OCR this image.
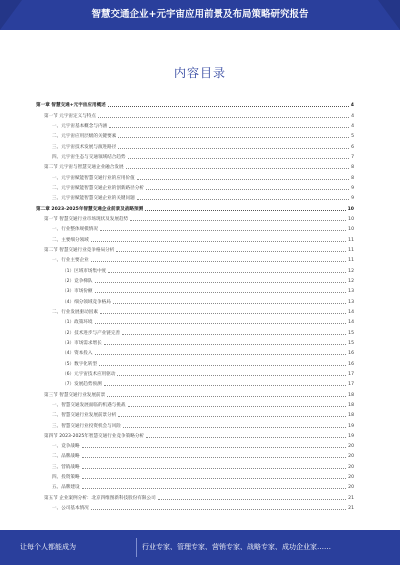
智慧交通企业+元宇宙应用前景及布局策略研究报告
内容目录
第一章 智慧交通+元宇宙应用概述	4
第一节 元宇宙定义与特点	4
一、元宇宙基本概念与内涵	4
二、元宇宙应用层级的关键要素	5
三、元宇宙技术发展与演进路径	6
四、元宇宙生态与交通领域结合趋势	7
第二节 元宇宙与智慧交通企业融合发展	8
一、元宇宙赋能智慧交通行业的应用价值	8
二、元宇宙赋能智慧交通企业的创新路径分析	9
三、元宇宙赋能智慧交通企业的关键问题	9
第二章 2023-2025年智慧交通企业前景及战略预测	10
第一节 智慧交通行业市场现状及发展趋势	10
一、行业整体规模情况	10
二、主要细分领域	11
第二节 智慧交通行业竞争格局分析	11
一、行业主要企业	11
（1）区域市场集中度	12
（2）竞争梯队	12
（3）市场份额	13
（4）细分领域竞争格局	13
二、行业发展驱动因素	14
（1）政策环境	14
（2）技术进步与产业链完善	15
（3）市场需求增长	15
（4）资本投入	16
（5）数字化转型	16
（6）元宇宙技术应用驱动	17
（7）发展趋势预测	17
第三节 智慧交通行业发展前景	18
一、智慧交通发展面临的机遇与挑战	18
二、智慧交通行业发展前景分析	18
三、智慧交通行业投资机会与风险	19
第四节 2023-2025年智慧交通行业竞争策略分析	19
一、竞争战略	20
二、品牌战略	20
三、营销战略	20
四、投资策略	20
五、品牌建设	20
第五节 企业案例分析：北京四维图新科技股份有限公司	21
一、公司基本情况	21
让每个人都能成为	行业专家、管理专家、营销专家、战略专家、成功企业家……
